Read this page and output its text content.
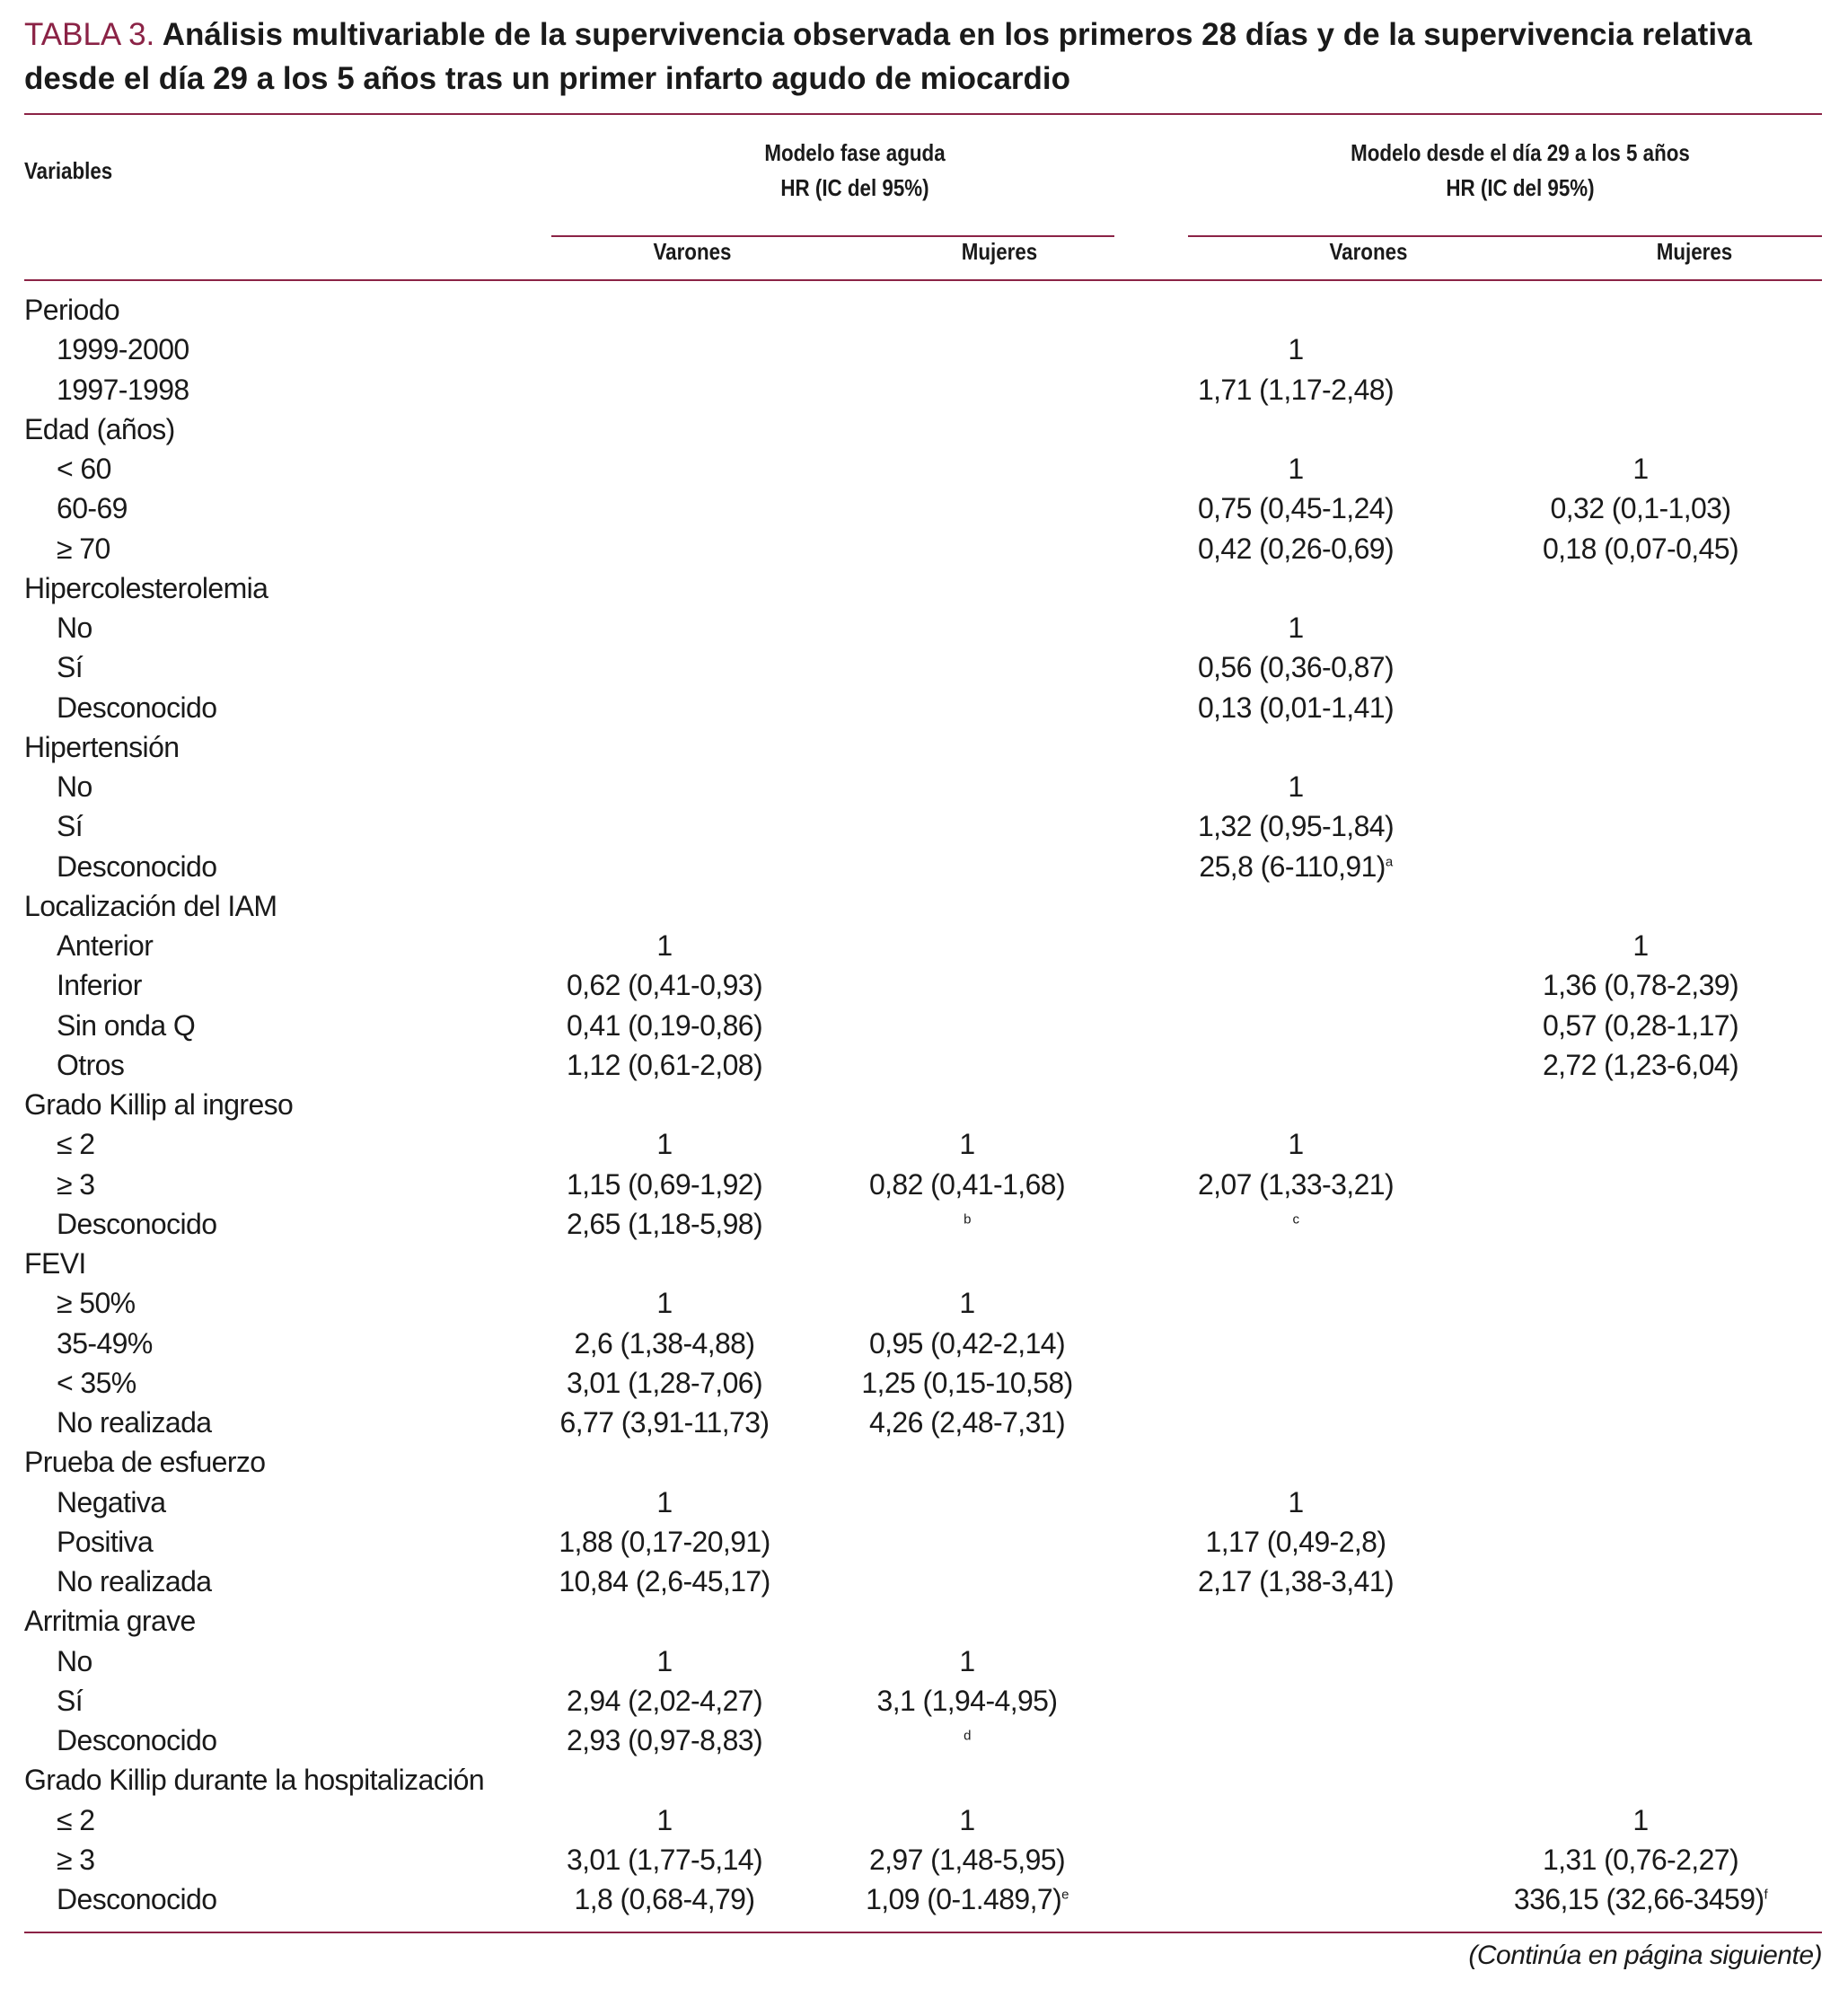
TABLA 3. Análisis multivariable de la supervivencia observada en los primeros 28 días y de la supervivencia relativa desde el día 29 a los 5 años tras un primer infarto agudo de miocardio

Variables
Modelo fase aguda
HR (IC del 95%)
Modelo desde el día 29 a los 5 años
HR (IC del 95%)
Varones	Mujeres	Varones	Mujeres
Periodo				
1999-2000			1	
1997-1998			1,71 (1,17-2,48)	
Edad (años)				
< 60			1	1
60-69			0,75 (0,45-1,24)	0,32 (0,1-1,03)
≥ 70			0,42 (0,26-0,69)	0,18 (0,07-0,45)
Hipercolesterolemia				
No			1	
Sí			0,56 (0,36-0,87)	
Desconocido			0,13 (0,01-1,41)	
Hipertensión				
No			1	
Sí			1,32 (0,95-1,84)	
Desconocido			25,8 $(6-110,91)^a$	
Localización del IAM				
Anterior	1			1
Inferior	0,62 (0,41-0,93)			1,36 (0,78-2,39)
Sin onda Q	0,41 (0,19-0,86)			0,57 (0,28-1,17)
Otros	1,12 (0,61-2,08)			2,72 (1,23-6,04)
Grado Killip al ingreso				
≤ 2	1	1	1	
≥ 3	1,15 (0,69-1,92)	0,82 (0,41-1,68)	2,07 (1,33-3,21)	
Desconocido	2,65 (1,18-5,98)	$^b$	$^c$	
FEVI				
≥ 50%	1	1		
35-49%	2,6 (1,38-4,88)	0,95 (0,42-2,14)		
< 35%	3,01 (1,28-7,06)	1,25 (0,15-10,58)		
No realizada	6,77 (3,91-11,73)	4,26 (2,48-7,31)		
Prueba de esfuerzo				
Negativa	1		1	
Positiva	1,88 (0,17-20,91)		1,17 (0,49-2,8)	
No realizada	10,84 (2,6-45,17)		2,17 (1,38-3,41)	
Arritmia grave				
No	1	1		
Sí	2,94 (2,02-4,27)	3,1 (1,94-4,95)		
Desconocido	2,93 (0,97-8,83)	$^d$		
Grado Killip durante la hospitalización				
≤ 2	1	1		1
≥ 3	3,01 (1,77-5,14)	2,97 (1,48-5,95)		1,31 (0,76-2,27)
Desconocido	1,8 (0,68-4,79)	1,09 $(0-1.489,7)^e$		336,15 $(32,66-3459)^f$
(Continúa en página siguiente)
